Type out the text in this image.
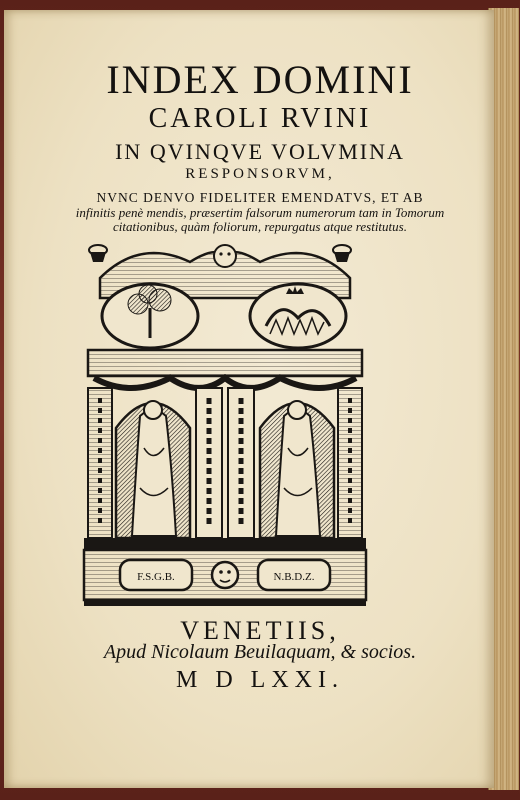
INDEX DOMINI
CAROLI RVINI
IN QVINQVE VOLVMINA
RESPONSORVM,
NVNC DENVO FIDELITER EMENDATVS, ET AB
infinitis penè mendis, præsertim falsorum numerorum tam in Tomorum
citationibus, quàm foliorum, repurgatus atque restitutus.
F.S.G.B.	N.B.D.Z.
VENETIIS,
Apud Nicolaum Beuilaquam, & socios.
M D LXXI.
